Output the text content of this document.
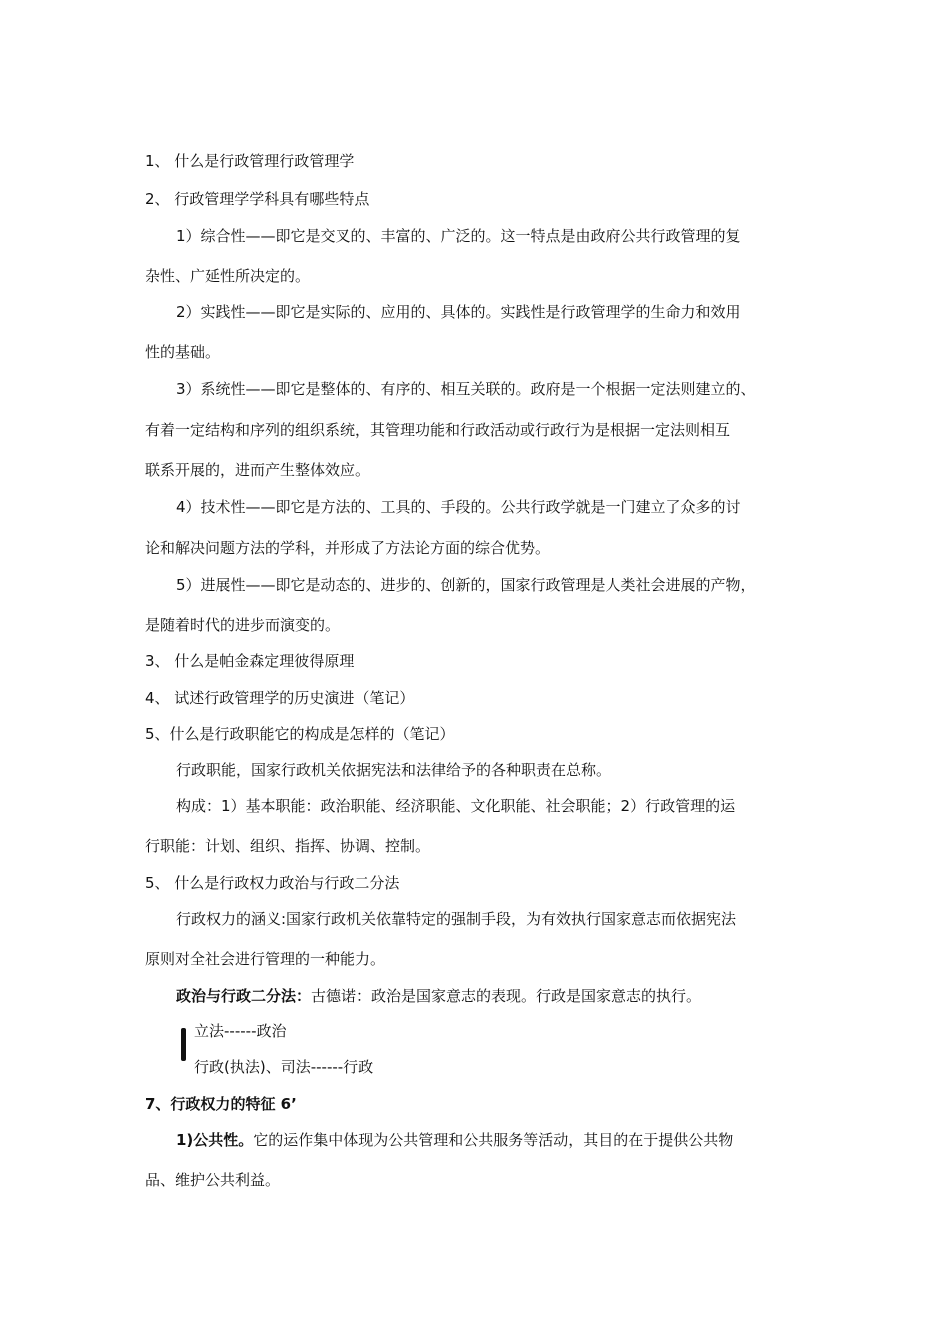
1、 什么是行政管理行政管理学
2、 行政管理学学科具有哪些特点
1）综合性——即它是交叉的、丰富的、广泛的。这一特点是由政府公共行政管理的复
杂性、广延性所决定的。
2）实践性——即它是实际的、应用的、具体的。实践性是行政管理学的生命力和效用
性的基础。
3）系统性——即它是整体的、有序的、相互关联的。政府是一个根据一定法则建立的、
有着一定结构和序列的组织系统，其管理功能和行政活动或行政行为是根据一定法则相互
联系开展的，进而产生整体效应。
4）技术性——即它是方法的、工具的、手段的。公共行政学就是一门建立了众多的讨
论和解决问题方法的学科，并形成了方法论方面的综合优势。
5）进展性——即它是动态的、进步的、创新的，国家行政管理是人类社会进展的产物，
是随着时代的进步而演变的。
3、 什么是帕金森定理彼得原理
4、 试述行政管理学的历史演进（笔记）
5、什么是行政职能它的构成是怎样的（笔记）
行政职能，国家行政机关依据宪法和法律给予的各种职责在总称。
构成：1）基本职能：政治职能、经济职能、文化职能、社会职能；2）行政管理的运
行职能：计划、组织、指挥、协调、控制。
5、 什么是行政权力政治与行政二分法
行政权力的涵义:国家行政机关依靠特定的强制手段，为有效执行国家意志而依据宪法
原则对全社会进行管理的一种能力。
政治与行政二分法：古德诺：政治是国家意志的表现。行政是国家意志的执行。
立法------政治
行政(执法)、司法------行政
7、行政权力的特征 6’
1)公共性。它的运作集中体现为公共管理和公共服务等活动，其目的在于提供公共物
品、维护公共利益。
